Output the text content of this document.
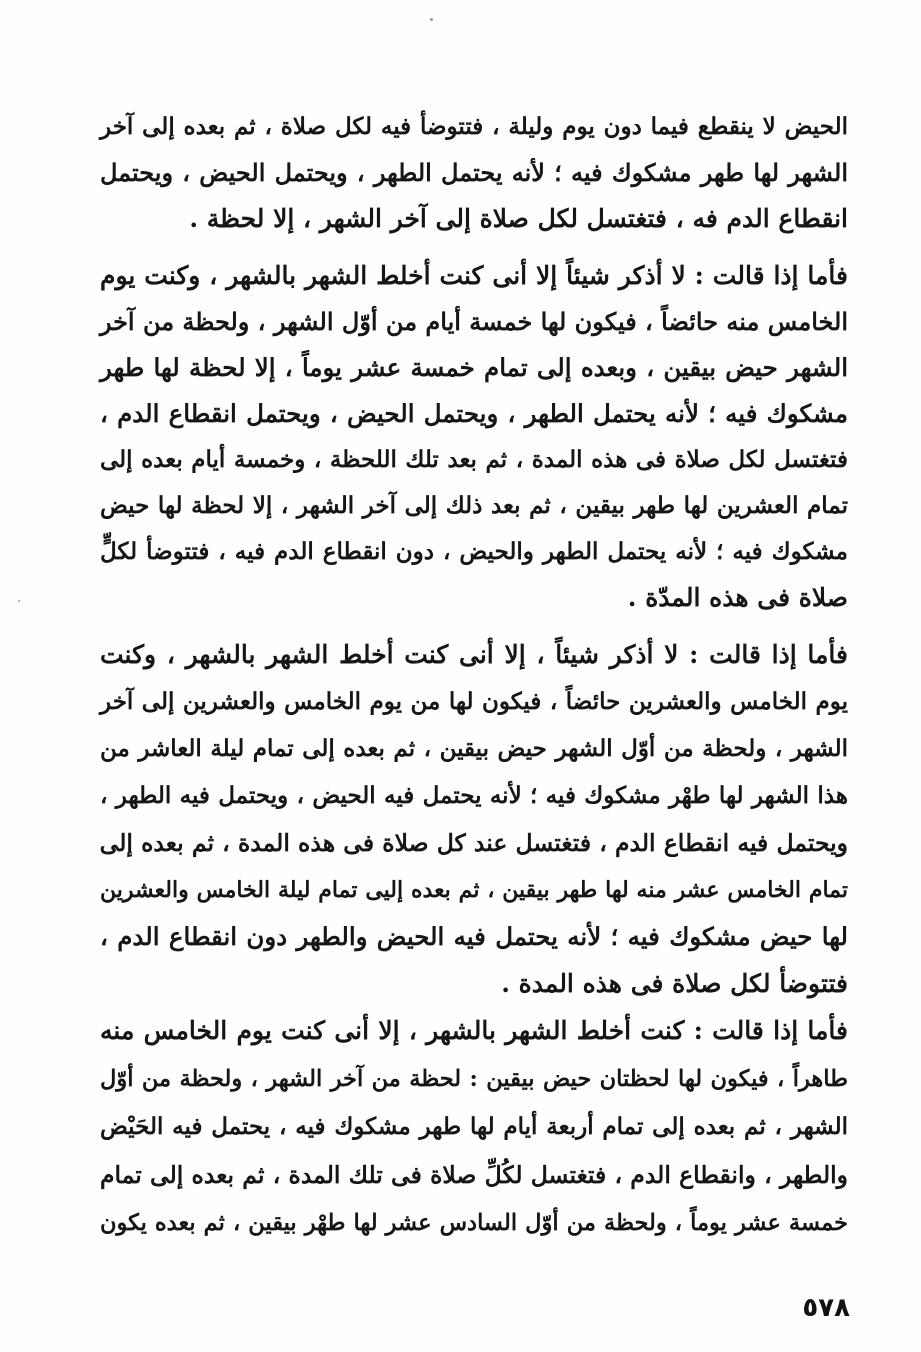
الحيض لا ينقطع فيما دون يوم وليلة ، فتتوضأ فيه لكل صلاة ، ثم بعده إلى آخر
الشهر لها طهر مشكوك فيه ؛ لأنه يحتمل الطهر ، ويحتمل الحيض ، ويحتمل
انقطاع الدم فه ، فتغتسل لكل صلاة إلى آخر الشهر ، إلا لحظة .
فأما إذا قالت : لا أذكر شيئاً إلا أنى كنت أخلط الشهر بالشهر ، وكنت يوم
الخامس منه حائضاً ، فيكون لها خمسة أيام من أوّل الشهر ، ولحظة من آخر
الشهر حيض بيقين ، وبعده إلى تمام خمسة عشر يوماً ، إلا لحظة لها طهر
مشكوك فيه ؛ لأنه يحتمل الطهر ، ويحتمل الحيض ، ويحتمل انقطاع الدم ،
فتغتسل لكل صلاة فى هذه المدة ، ثم بعد تلك اللحظة ، وخمسة أيام بعده إلى
تمام العشرين لها طهر بيقين ، ثم بعد ذلك إلى آخر الشهر ، إلا لحظة لها حيض
مشكوك فيه ؛ لأنه يحتمل الطهر والحيض ، دون انقطاع الدم فيه ، فتتوضأ لكلٍّ
صلاة فى هذه المدّة .
فأما إذا قالت : لا أذكر شيئاً ، إلا أنى كنت أخلط الشهر بالشهر ، وكنت
يوم الخامس والعشرين حائضاً ، فيكون لها من يوم الخامس والعشرين إلى آخر
الشهر ، ولحظة من أوّل الشهر حيض بيقين ، ثم بعده إلى تمام ليلة العاشر من
هذا الشهر لها طهْر مشكوك فيه ؛ لأنه يحتمل فيه الحيض ، ويحتمل فيه الطهر ،
ويحتمل فيه انقطاع الدم ، فتغتسل عند كل صلاة فى هذه المدة ، ثم بعده إلى
تمام الخامس عشر منه لها طهر بيقين ، ثم بعده إليى تمام ليلة الخامس والعشرين
لها حيض مشكوك فيه ؛ لأنه يحتمل فيه الحيض والطهر دون انقطاع الدم ،
فتتوضأ لكل صلاة فى هذه المدة .
فأما إذا قالت : كنت أخلط الشهر بالشهر ، إلا أنى كنت يوم الخامس منه
طاهراً ، فيكون لها لحظتان حيض بيقين : لحظة من آخر الشهر ، ولحظة من أوّل
الشهر ، ثم بعده إلى تمام أربعة أيام لها طهر مشكوك فيه ، يحتمل فيه الحَيْض
والطهر ، وانقطاع الدم ، فتغتسل لكُلِّ صلاة فى تلك المدة ، ثم بعده إلى تمام
خمسة عشر يوماً ، ولحظة من أوّل السادس عشر لها طهْر بيقين ، ثم بعده يكون
٥٧٨
